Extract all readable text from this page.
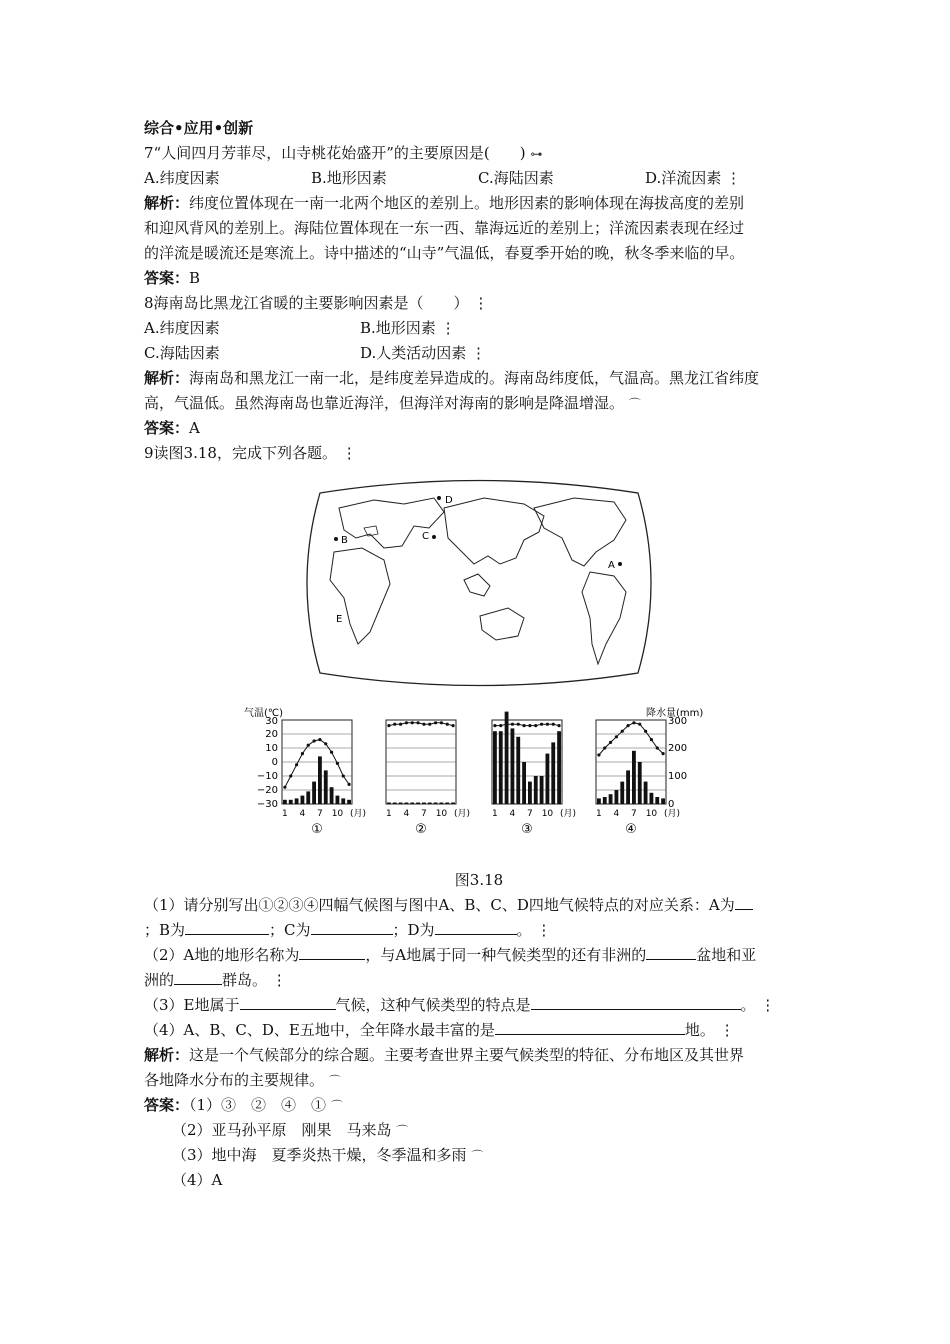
综合•应用•创新
7“人间四月芳菲尽，山寺桃花始盛开”的主要原因是(　　) ⊶
A.纬度因素	B.地形因素	C.海陆因素	D.洋流因素 ⋮
解析：纬度位置体现在一南一北两个地区的差别上。地形因素的影响体现在海拔高度的差别
和迎风背风的差别上。海陆位置体现在一东一西、靠海远近的差别上；洋流因素表现在经过
的洋流是暖流还是寒流上。诗中描述的“山寺”气温低，春夏季开始的晚，秋冬季来临的早。
答案：B
8海南岛比黑龙江省暖的主要影响因素是（　　） ⋮
A.纬度因素	B.地形因素 ⋮
C.海陆因素	D.人类活动因素 ⋮
解析：海南岛和黑龙江一南一北，是纬度差异造成的。海南岛纬度低，气温高。黑龙江省纬度
高，气温低。虽然海南岛也靠近海洋，但海洋对海南的影响是降温增湿。 ⌒
答案：A
9读图3.18，完成下列各题。 ⋮
D
B	C
A
E
气温(℃)	降水量(mm)
30
20
10
0
−10
−20
−30
300
200
100
0
1 4 7 10 (月)
①
1 4 7 10 (月)
②
1 4 7 10 (月)
③
1 4 7 10 (月)
④
图3.18
（1）请分别写出①②③④四幅气候图与图中A、B、C、D四地气候特点的对应关系：A为
；B为	；C为	；D为	。 ⋮
（2）A地的地形名称为	，与A地属于同一种气候类型的还有非洲的	盆地和亚
洲的	群岛。 ⋮
（3）E地属于	气候，这种气候类型的特点是	。 ⋮
（4）A、B、C、D、E五地中，全年降水最丰富的是	地。 ⋮
解析：这是一个气候部分的综合题。主要考查世界主要气候类型的特征、分布地区及其世界
各地降水分布的主要规律。 ⌒
答案：（1）③　②　④　① ⌒
（2）亚马孙平原　刚果　马来岛 ⌒
（3）地中海　夏季炎热干燥，冬季温和多雨 ⌒
（4）A
